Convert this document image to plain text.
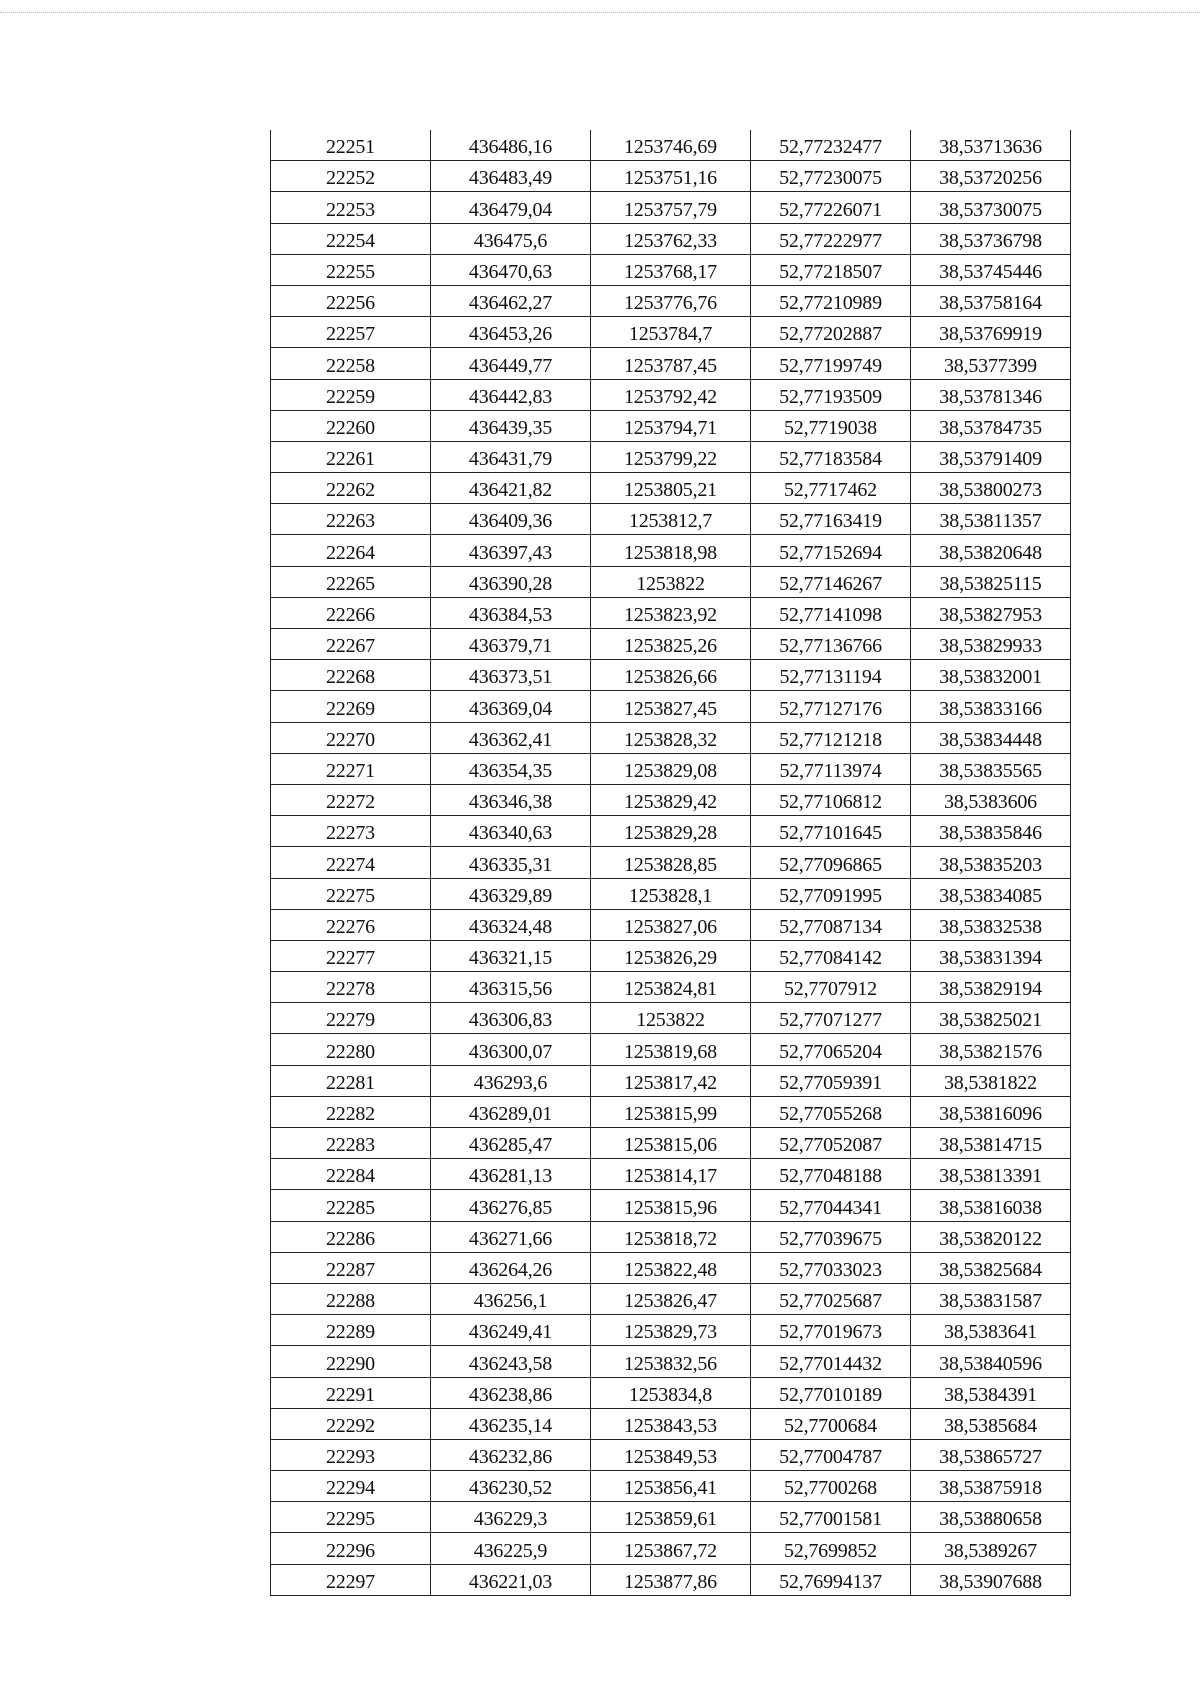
22251	436486,16	1253746,69	52,77232477	38,53713636
22252	436483,49	1253751,16	52,77230075	38,53720256
22253	436479,04	1253757,79	52,77226071	38,53730075
22254	436475,6	1253762,33	52,77222977	38,53736798
22255	436470,63	1253768,17	52,77218507	38,53745446
22256	436462,27	1253776,76	52,77210989	38,53758164
22257	436453,26	1253784,7	52,77202887	38,53769919
22258	436449,77	1253787,45	52,77199749	38,5377399
22259	436442,83	1253792,42	52,77193509	38,53781346
22260	436439,35	1253794,71	52,7719038	38,53784735
22261	436431,79	1253799,22	52,77183584	38,53791409
22262	436421,82	1253805,21	52,7717462	38,53800273
22263	436409,36	1253812,7	52,77163419	38,53811357
22264	436397,43	1253818,98	52,77152694	38,53820648
22265	436390,28	1253822	52,77146267	38,53825115
22266	436384,53	1253823,92	52,77141098	38,53827953
22267	436379,71	1253825,26	52,77136766	38,53829933
22268	436373,51	1253826,66	52,77131194	38,53832001
22269	436369,04	1253827,45	52,77127176	38,53833166
22270	436362,41	1253828,32	52,77121218	38,53834448
22271	436354,35	1253829,08	52,77113974	38,53835565
22272	436346,38	1253829,42	52,77106812	38,5383606
22273	436340,63	1253829,28	52,77101645	38,53835846
22274	436335,31	1253828,85	52,77096865	38,53835203
22275	436329,89	1253828,1	52,77091995	38,53834085
22276	436324,48	1253827,06	52,77087134	38,53832538
22277	436321,15	1253826,29	52,77084142	38,53831394
22278	436315,56	1253824,81	52,7707912	38,53829194
22279	436306,83	1253822	52,77071277	38,53825021
22280	436300,07	1253819,68	52,77065204	38,53821576
22281	436293,6	1253817,42	52,77059391	38,5381822
22282	436289,01	1253815,99	52,77055268	38,53816096
22283	436285,47	1253815,06	52,77052087	38,53814715
22284	436281,13	1253814,17	52,77048188	38,53813391
22285	436276,85	1253815,96	52,77044341	38,53816038
22286	436271,66	1253818,72	52,77039675	38,53820122
22287	436264,26	1253822,48	52,77033023	38,53825684
22288	436256,1	1253826,47	52,77025687	38,53831587
22289	436249,41	1253829,73	52,77019673	38,5383641
22290	436243,58	1253832,56	52,77014432	38,53840596
22291	436238,86	1253834,8	52,77010189	38,5384391
22292	436235,14	1253843,53	52,7700684	38,5385684
22293	436232,86	1253849,53	52,77004787	38,53865727
22294	436230,52	1253856,41	52,7700268	38,53875918
22295	436229,3	1253859,61	52,77001581	38,53880658
22296	436225,9	1253867,72	52,7699852	38,5389267
22297	436221,03	1253877,86	52,76994137	38,53907688
